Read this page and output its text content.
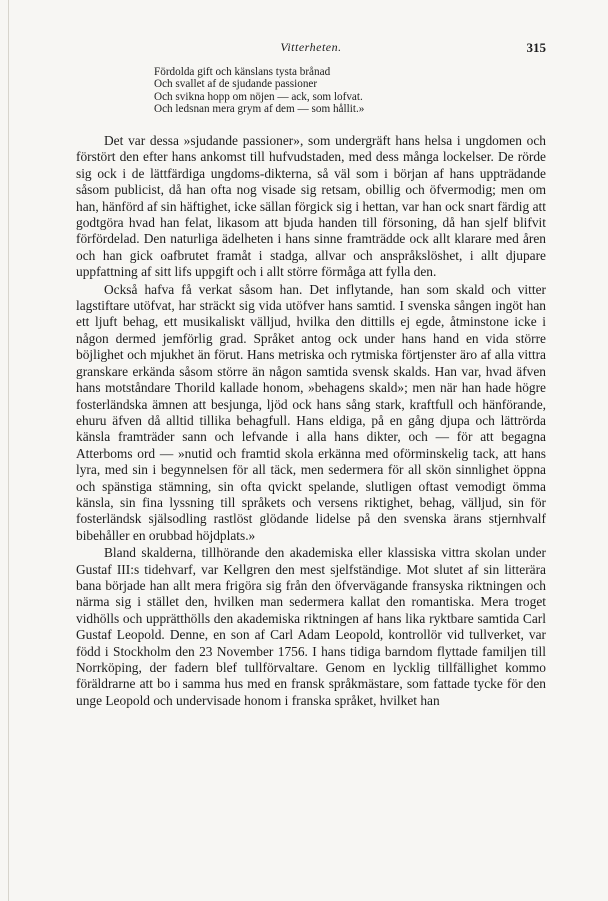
Vitterheten.	315
Fördolda gift och känslans tysta brånad
Och svallet af de sjudande passioner
Och svikna hopp om nöjen — ack, som lofvat.
Och ledsnan mera grym af dem — som hållit.»

Det var dessa »sjudande passioner», som undergräft hans helsa i ungdomen och förstört den efter hans ankomst till hufvudstaden, med dess många lockelser. De rörde sig ock i de lättfärdiga ungdoms-dikterna, så väl som i början af hans uppträdande såsom publicist, då han ofta nog visade sig retsam, obillig och öfvermodig; men om han, hänförd af sin häftighet, icke sällan förgick sig i hettan, var han ock snart färdig att godtgöra hvad han felat, likasom att bjuda handen till försoning, då han sjelf blifvit förfördelad. Den naturliga ädelheten i hans sinne framträdde ock allt klarare med åren och han gick oafbrutet framåt i stadga, allvar och anspråkslöshet, i allt djupare uppfattning af sitt lifs uppgift och i allt större förmåga att fylla den.

Också hafva få verkat såsom han. Det inflytande, han som skald och vitter lagstiftare utöfvat, har sträckt sig vida utöfver hans samtid. I svenska sången ingöt han ett ljuft behag, ett musikaliskt välljud, hvilka den dittills ej egde, åtminstone icke i någon dermed jemförlig grad. Språket antog ock under hans hand en vida större böjlighet och mjukhet än förut. Hans metriska och rytmiska förtjenster äro af alla vittra granskare erkända såsom större än någon samtida svensk skalds. Han var, hvad äfven hans motståndare Thorild kallade honom, »behagens skald»; men när han hade högre fosterländska ämnen att besjunga, ljöd ock hans sång stark, kraftfull och hänförande, ehuru äfven då alltid tillika behagfull. Hans eldiga, på en gång djupa och lättrörda känsla framträder sann och lefvande i alla hans dikter, och — för att begagna Atterboms ord — »nutid och framtid skola erkänna med oförminskelig tack, att hans lyra, med sin i begynnelsen för all täck, men sedermera för all skön sinnlighet öppna och spänstiga stämning, sin ofta qvickt spelande, slutligen oftast vemodigt ömma känsla, sin fina lyssning till språkets och versens riktighet, behag, välljud, sin för fosterländsk själsodling rastlöst glödande lidelse på den svenska ärans stjernhvalf bibehåller en orubbad höjdplats.»

Bland skalderna, tillhörande den akademiska eller klassiska vittra skolan under Gustaf III:s tidehvarf, var Kellgren den mest sjelfständige. Mot slutet af sin litterära bana började han allt mera frigöra sig från den öfvervägande fransyska riktningen och närma sig i stället den, hvilken man sedermera kallat den romantiska. Mera troget vidhölls och upprätthölls den akademiska riktningen af hans lika ryktbare samtida Carl Gustaf Leopold. Denne, en son af Carl Adam Leopold, kontrollör vid tullverket, var född i Stockholm den 23 November 1756. I hans tidiga barndom flyttade familjen till Norrköping, der fadern blef tullförvaltare. Genom en lycklig tillfällighet kommo föräldrarne att bo i samma hus med en fransk språkmästare, som fattade tycke för den unge Leopold och undervisade honom i franska språket, hvilket han
